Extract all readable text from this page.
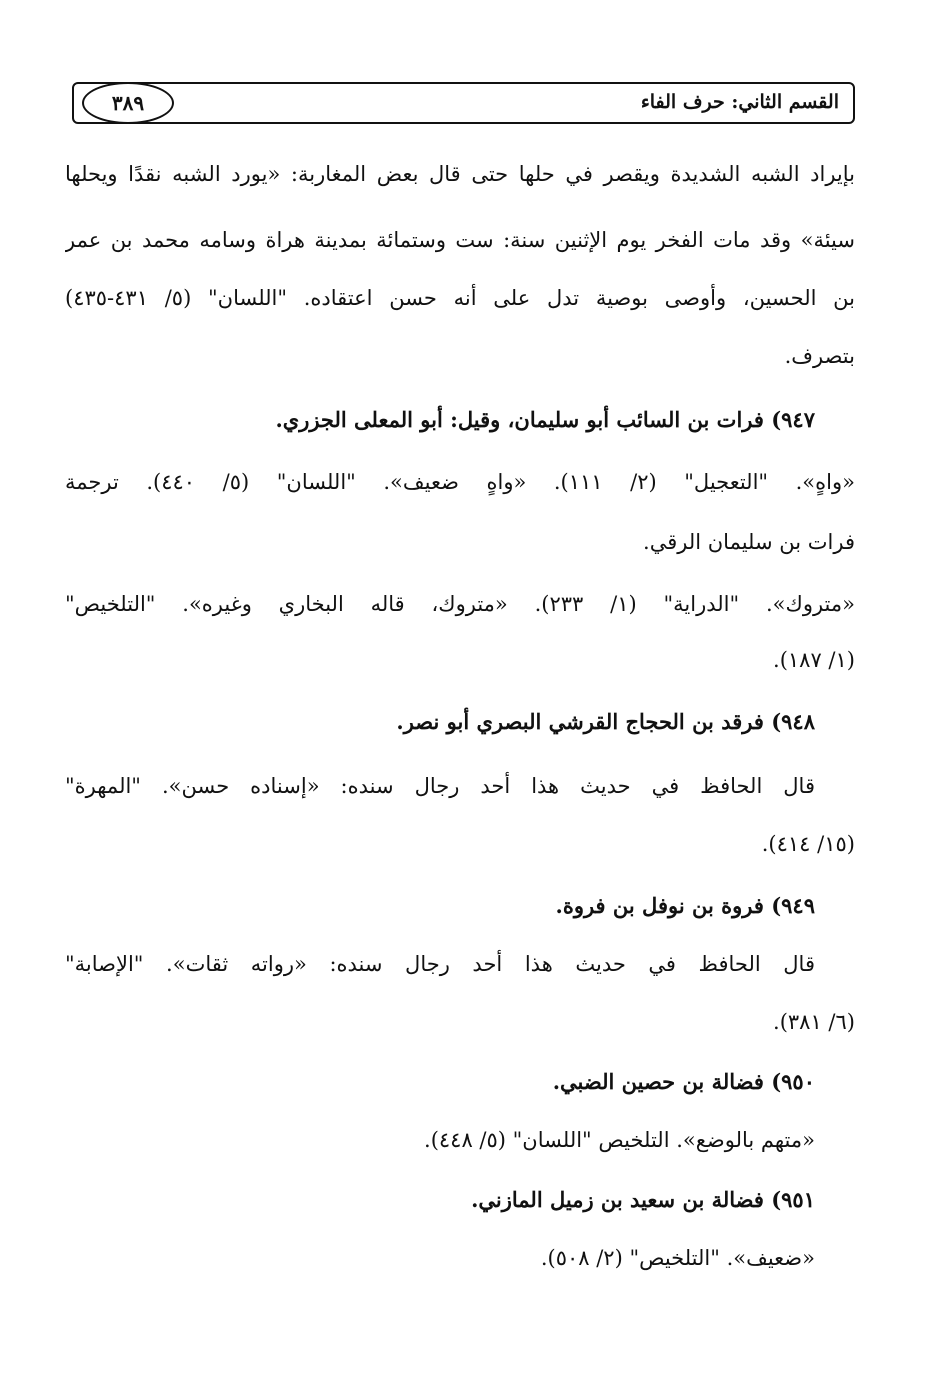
القسم الثاني: حرف الفاء
٣٨٩
بإيراد الشبه الشديدة ويقصر في حلها حتى قال بعض المغاربة: «يورد الشبه نقدًا ويحلها
سيئة» وقد مات الفخر يوم الإثنين سنة: ست وستمائة بمدينة هراة وسامه محمد بن عمر
بن الحسين، وأوصى بوصية تدل على أنه حسن اعتقاده. "اللسان" (٥/ ٤٣١-٤٣٥)
بتصرف.
٩٤٧) فرات بن السائب أبو سليمان، وقيل: أبو المعلى الجزري.
«واهٍ». "التعجيل" (٢/ ١١١). «واهٍ ضعيف». "اللسان" (٥/ ٤٤٠). ترجمة
فرات بن سليمان الرقي.
«متروك». "الدراية" (١/ ٢٣٣). «متروك، قاله البخاري وغيره». "التلخيص"
(١/ ١٨٧).
٩٤٨) فرقد بن الحجاج القرشي البصري أبو نصر.
قال الحافظ في حديث هذا أحد رجال سنده: «إسناده حسن». "المهرة"
(١٥/ ٤١٤).
٩٤٩) فروة بن نوفل بن فروة.
قال الحافظ في حديث هذا أحد رجال سنده: «رواته ثقات». "الإصابة"
(٦/ ٣٨١).
٩٥٠) فضالة بن حصين الضبي.
«متهم بالوضع». التلخيص "اللسان" (٥/ ٤٤٨).
٩٥١) فضالة بن سعيد بن زميل المازني.
«ضعيف». "التلخيص" (٢/ ٥٠٨).
